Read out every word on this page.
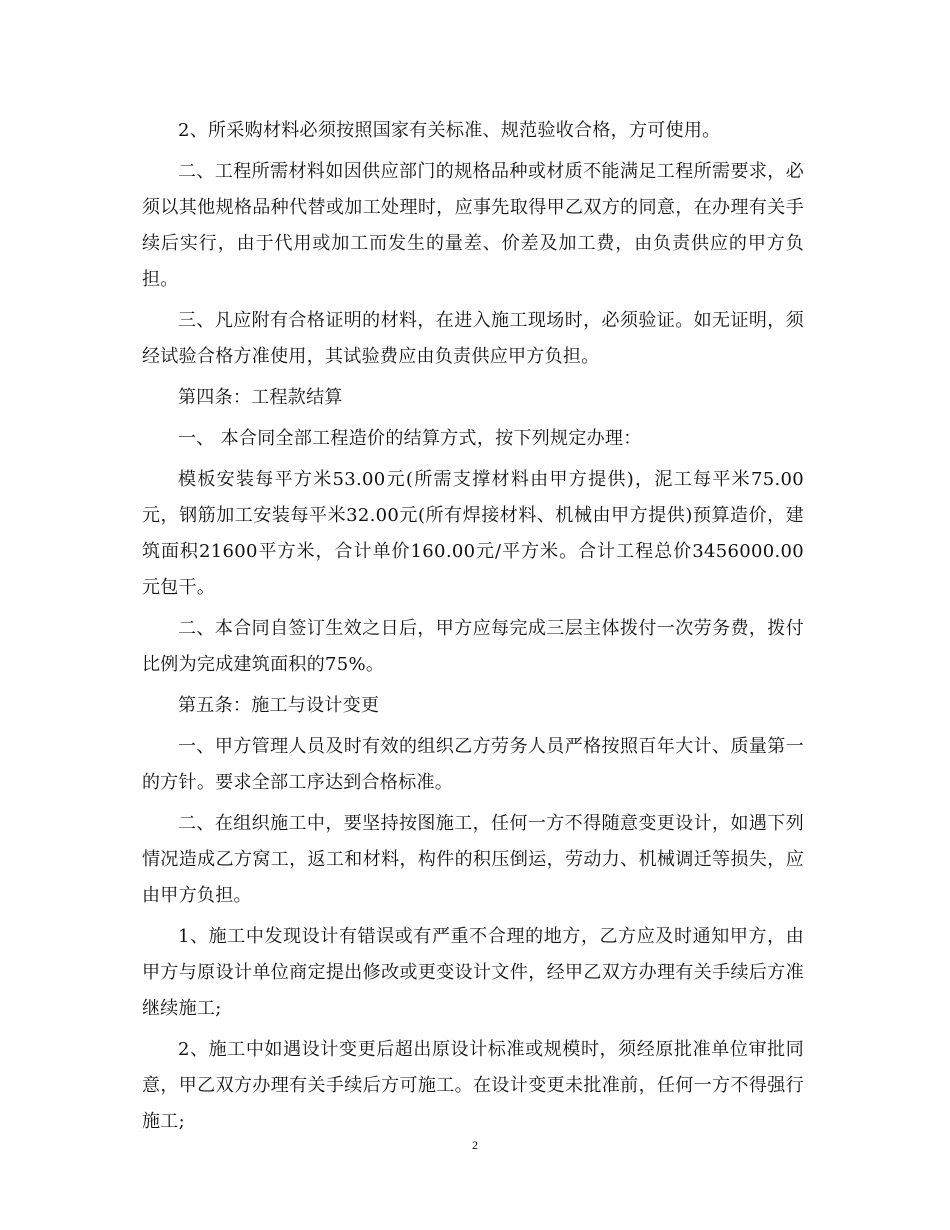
2、所采购材料必须按照国家有关标准、规范验收合格，方可使用。

二、工程所需材料如因供应部门的规格品种或材质不能满足工程所需要求，必须以其他规格品种代替或加工处理时，应事先取得甲乙双方的同意，在办理有关手续后实行，由于代用或加工而发生的量差、价差及加工费，由负责供应的甲方负担。

三、凡应附有合格证明的材料，在进入施工现场时，必须验证。如无证明，须经试验合格方准使用，其试验费应由负责供应甲方负担。

第四条：工程款结算

一、 本合同全部工程造价的结算方式，按下列规定办理：

模板安装每平方米53.00元(所需支撑材料由甲方提供)，泥工每平米75.00元，钢筋加工安装每平米32.00元(所有焊接材料、机械由甲方提供)预算造价，建筑面积21600平方米，合计单价160.00元/平方米。合计工程总价3456000.00元包干。

二、本合同自签订生效之日后，甲方应每完成三层主体拨付一次劳务费，拨付比例为完成建筑面积的75%。

第五条：施工与设计变更

一、甲方管理人员及时有效的组织乙方劳务人员严格按照百年大计、质量第一的方针。要求全部工序达到合格标准。

二、在组织施工中，要坚持按图施工，任何一方不得随意变更设计，如遇下列情况造成乙方窝工，返工和材料，构件的积压倒运，劳动力、机械调迁等损失，应由甲方负担。

1、施工中发现设计有错误或有严重不合理的地方，乙方应及时通知甲方，由甲方与原设计单位商定提出修改或更变设计文件，经甲乙双方办理有关手续后方准继续施工;

2、施工中如遇设计变更后超出原设计标准或规模时，须经原批准单位审批同意，甲乙双方办理有关手续后方可施工。在设计变更未批准前，任何一方不得强行施工;

2
